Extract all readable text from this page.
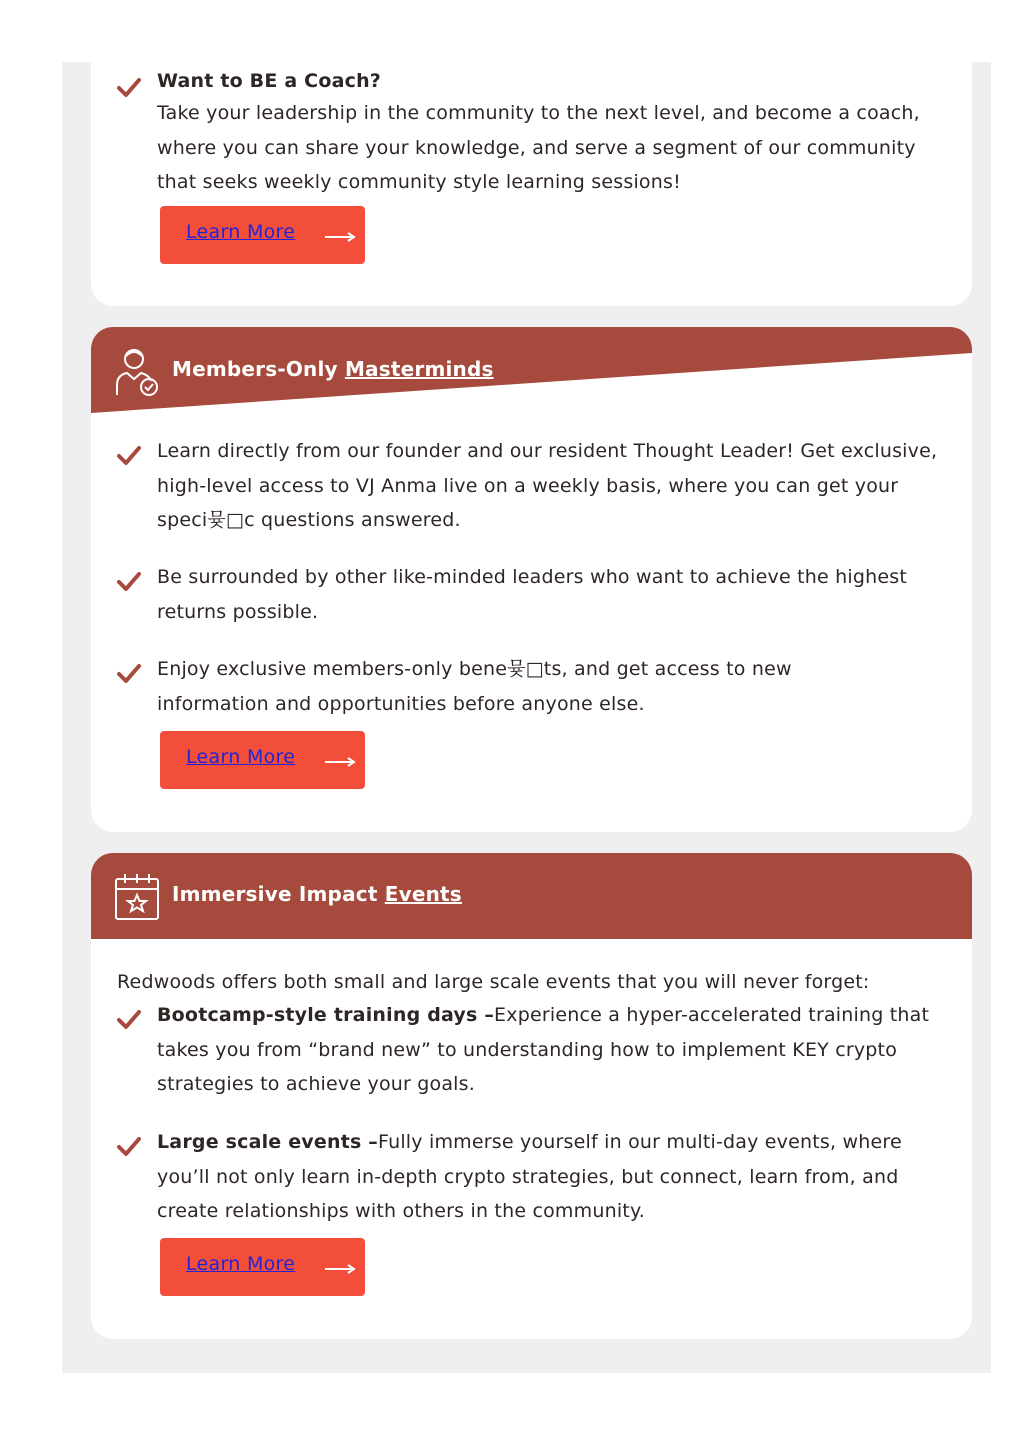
Want to BE a Coach?
Take your leadership in the community to the next level, and become a coach, where you can share your knowledge, and serve a segment of our community that seeks weekly community style learning sessions!
Learn More
Members-Only Masterminds
Learn directly from our founder and our resident Thought Leader! Get exclusive, high-level access to VJ Anma live on a weekly basis, where you can get your speci뮺□c questions answered.
Be surrounded by other like-minded leaders who want to achieve the highest returns possible.
Enjoy exclusive members-only bene뮺□ts, and get access to new information and opportunities before anyone else.
Learn More
Immersive Impact Events
Redwoods offers both small and large scale events that you will never forget:
Bootcamp-style training days –Experience a hyper-accelerated training that takes you from “brand new” to understanding how to implement KEY crypto strategies to achieve your goals.
Large scale events –Fully immerse yourself in our multi-day events, where you’ll not only learn in-depth crypto strategies, but connect, learn from, and create relationships with others in the community.
Learn More
